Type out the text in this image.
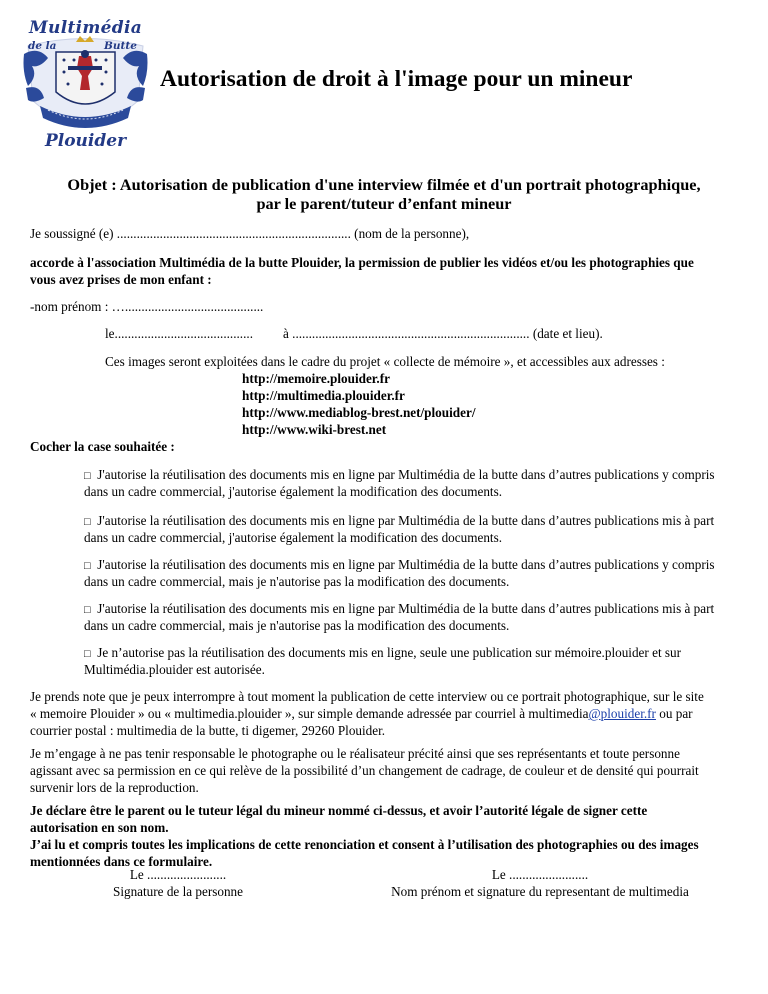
Multimédia
de la	Butte
Plouider
Autorisation de droit à l'image pour un mineur
Objet : Autorisation de publication d'une interview filmée et d'un portrait photographique,
par le parent/tuteur d’enfant mineur
Je soussigné (e) ....................................................................... (nom de la personne),
accorde à l'association Multimédia de la butte Plouider, la permission de publier les vidéos et/ou les photographies que
vous avez prises de mon enfant :
-nom prénom : …..........................................
le.......................................... à ........................................................................ (date et lieu).
Ces images seront exploitées dans le cadre du projet « collecte de mémoire », et accessibles aux adresses :
http://memoire.plouider.fr
http://multimedia.plouider.fr
http://www.mediablog-brest.net/plouider/
http://www.wiki-brest.net
Cocher la case souhaitée :
□ J'autorise la réutilisation des documents mis en ligne par Multimédia de la butte dans d’autres publications y compris
dans un cadre commercial, j'autorise également la modification des documents.
□ J'autorise la réutilisation des documents mis en ligne par Multimédia de la butte dans d’autres publications mis à part
dans un cadre commercial, j'autorise également la modification des documents.
□ J'autorise la réutilisation des documents mis en ligne par Multimédia de la butte dans d’autres publications y compris
dans un cadre commercial, mais je n'autorise pas la modification des documents.
□ J'autorise la réutilisation des documents mis en ligne par Multimédia de la butte dans d’autres publications mis à part
dans un cadre commercial, mais je n'autorise pas la modification des documents.
□ Je n’autorise pas la réutilisation des documents mis en ligne, seule une publication sur mémoire.plouider et sur
Multimédia.plouider est autorisée.
Je prends note que je peux interrompre à tout moment la publication de cette interview ou ce portrait photographique, sur le site
« memoire Plouider » ou « multimedia.plouider », sur simple demande adressée par courriel à multimedia@plouider.fr ou par
courrier postal : multimedia de la butte, ti digemer, 29260 Plouider.
Je m’engage à ne pas tenir responsable le photographe ou le réalisateur précité ainsi que ses représentants et toute personne
agissant avec sa permission en ce qui relève de la possibilité d’un changement de cadrage, de couleur et de densité qui pourrait
survenir lors de la reproduction.
Je déclare être le parent ou le tuteur légal du mineur nommé ci-dessus, et avoir l’autorité légale de signer cette
autorisation en son nom.
J’ai lu et compris toutes les implications de cette renonciation et consent à l’utilisation des photographies ou des images
mentionnées dans ce formulaire.
Le ........................
Signature de la personne
Le ........................
Nom prénom et signature du representant de multimedia
